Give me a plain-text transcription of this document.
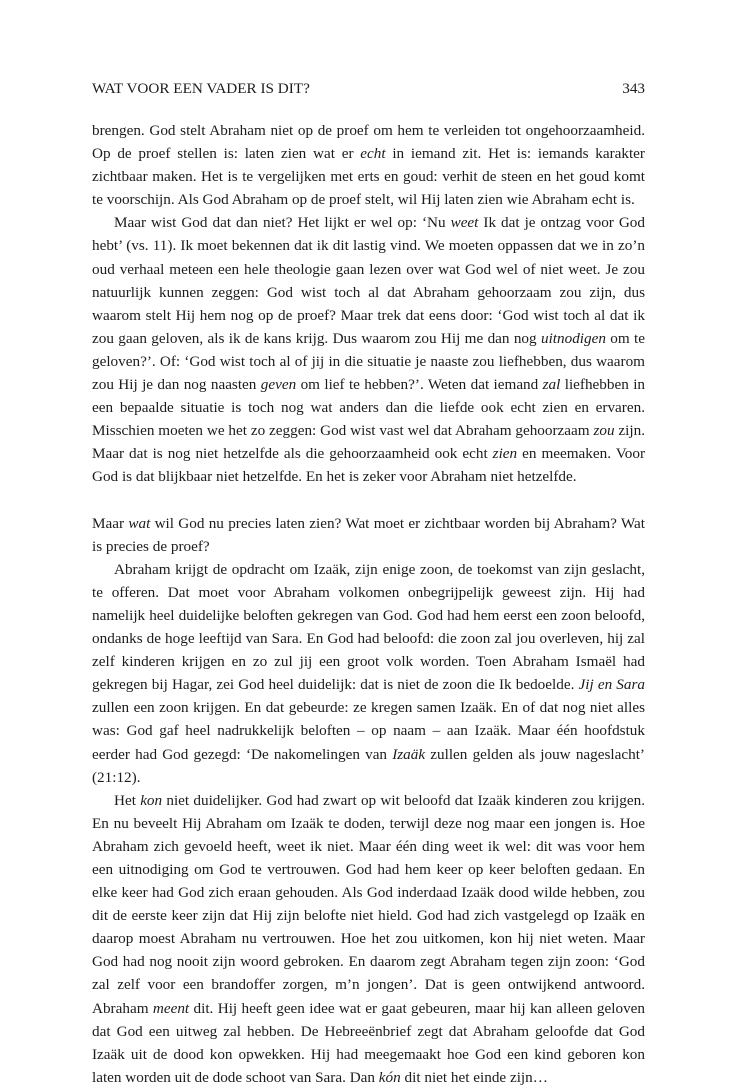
WAT VOOR EEN VADER IS DIT?	343

brengen. God stelt Abraham niet op de proef om hem te verleiden tot ongehoorzaamheid. Op de proef stellen is: laten zien wat er echt in iemand zit. Het is: iemands karakter zichtbaar maken. Het is te vergelijken met erts en goud: verhit de steen en het goud komt te voorschijn. Als God Abraham op de proef stelt, wil Hij laten zien wie Abraham echt is.

Maar wist God dat dan niet? Het lijkt er wel op: ‘Nu weet Ik dat je ontzag voor God hebt’ (vs. 11). Ik moet bekennen dat ik dit lastig vind. We moeten oppassen dat we in zo’n oud verhaal meteen een hele theologie gaan lezen over wat God wel of niet weet. Je zou natuurlijk kunnen zeggen: God wist toch al dat Abraham gehoorzaam zou zijn, dus waarom stelt Hij hem nog op de proef? Maar trek dat eens door: ‘God wist toch al dat ik zou gaan geloven, als ik de kans krijg. Dus waarom zou Hij me dan nog uitnodigen om te geloven?’. Of: ‘God wist toch al of jij in die situatie je naaste zou liefhebben, dus waarom zou Hij je dan nog naasten geven om lief te hebben?’. Weten dat iemand zal liefhebben in een bepaalde situatie is toch nog wat anders dan die liefde ook echt zien en ervaren. Misschien moeten we het zo zeggen: God wist vast wel dat Abraham gehoorzaam zou zijn. Maar dat is nog niet hetzelfde als die gehoorzaamheid ook echt zien en meemaken. Voor God is dat blijkbaar niet hetzelfde. En het is zeker voor Abraham niet hetzelfde.

Maar wat wil God nu precies laten zien? Wat moet er zichtbaar worden bij Abraham? Wat is precies de proef?

Abraham krijgt de opdracht om Izaäk, zijn enige zoon, de toekomst van zijn geslacht, te offeren. Dat moet voor Abraham volkomen onbegrijpelijk geweest zijn. Hij had namelijk heel duidelijke beloften gekregen van God. God had hem eerst een zoon beloofd, ondanks de hoge leeftijd van Sara. En God had beloofd: die zoon zal jou overleven, hij zal zelf kinderen krijgen en zo zul jij een groot volk worden. Toen Abraham Ismaël had gekregen bij Hagar, zei God heel duidelijk: dat is niet de zoon die Ik bedoelde. Jij en Sara zullen een zoon krijgen. En dat gebeurde: ze kregen samen Izaäk. En of dat nog niet alles was: God gaf heel nadrukkelijk beloften – op naam – aan Izaäk. Maar één hoofdstuk eerder had God gezegd: ‘De nakomelingen van Izaäk zullen gelden als jouw nageslacht’ (21:12).

Het kon niet duidelijker. God had zwart op wit beloofd dat Izaäk kinderen zou krijgen. En nu beveelt Hij Abraham om Izaäk te doden, terwijl deze nog maar een jongen is. Hoe Abraham zich gevoeld heeft, weet ik niet. Maar één ding weet ik wel: dit was voor hem een uitnodiging om God te vertrouwen. God had hem keer op keer beloften gedaan. En elke keer had God zich eraan gehouden. Als God inderdaad Izaäk dood wilde hebben, zou dit de eerste keer zijn dat Hij zijn belofte niet hield. God had zich vastgelegd op Izaäk en daarop moest Abraham nu vertrouwen. Hoe het zou uitkomen, kon hij niet weten. Maar God had nog nooit zijn woord gebroken. En daarom zegt Abraham tegen zijn zoon: ‘God zal zelf voor een brandoffer zorgen, m’n jongen’. Dat is geen ontwijkend antwoord. Abraham meent dit. Hij heeft geen idee wat er gaat gebeuren, maar hij kan alleen geloven dat God een uitweg zal hebben. De Hebreeënbrief zegt dat Abraham geloofde dat God Izaäk uit de dood kon opwekken. Hij had meegemaakt hoe God een kind geboren kon laten worden uit de dode schoot van Sara. Dan kón dit niet het einde zijn…
